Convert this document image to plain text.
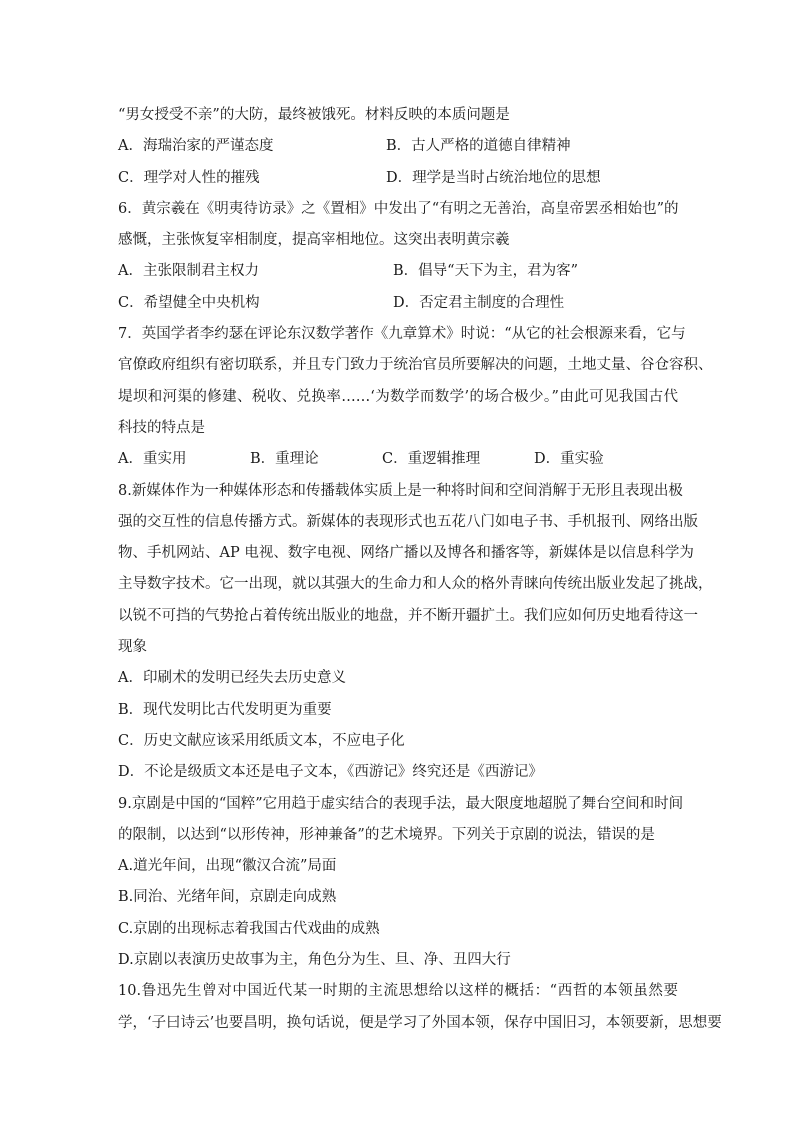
“男女授受不亲”的大防，最终被饿死。材料反映的本质问题是
A．海瑞治家的严谨态度	B．古人严格的道德自律精神
C．理学对人性的摧残	D．理学是当时占统治地位的思想
6．黄宗羲在《明夷待访录》之《置相》中发出了“有明之无善治，高皇帝罢丞相始也”的
感慨，主张恢复宰相制度，提高宰相地位。这突出表明黄宗羲
A．主张限制君主权力	B．倡导“天下为主，君为客”
C．希望健全中央机构	D．否定君主制度的合理性
7．英国学者李约瑟在评论东汉数学著作《九章算术》时说：“从它的社会根源来看，它与
官僚政府组织有密切联系，并且专门致力于统治官员所要解决的问题，土地丈量、谷仓容积、
堤坝和河渠的修建、税收、兑换率……‘为数学而数学’的场合极少。”由此可见我国古代
科技的特点是
A．重实用	B．重理论	C．重逻辑推理	D．重实验
8.新媒体作为一种媒体形态和传播载体实质上是一种将时间和空间消解于无形且表现出极
强的交互性的信息传播方式。新媒体的表现形式也五花八门如电子书、手机报刊、网络出版
物、手机网站、AP 电视、数字电视、网络广播以及博各和播客等，新媒体是以信息科学为
主导数字技术。它一出现，就以其强大的生命力和人众的格外青睐向传统出版业发起了挑战，
以锐不可挡的气势抢占着传统出版业的地盘，并不断开疆扩土。我们应如何历史地看待这一
现象
A．印刷术的发明已经失去历史意义
B．现代发明比古代发明更为重要
C．历史文献应该采用纸质文本，不应电子化
D．不论是级质文本还是电子文本，《西游记》终究还是《西游记》
9.京剧是中国的“国粹”它用趋于虚实结合的表现手法，最大限度地超脱了舞台空间和时间
的限制，以达到“以形传神，形神兼备”的艺术境界。下列关于京剧的说法，错误的是
A.道光年间，出现“徽汉合流”局面
B.同治、光绪年间，京剧走向成熟
C.京剧的出现标志着我国古代戏曲的成熟
D.京剧以表演历史故事为主，角色分为生、旦、净、丑四大行
10.鲁迅先生曾对中国近代某一时期的主流思想给以这样的概括：“西哲的本领虽然要
学，‘子曰诗云’也要昌明，换句话说，便是学习了外国本领，保存中国旧习，本领要新，思想要
